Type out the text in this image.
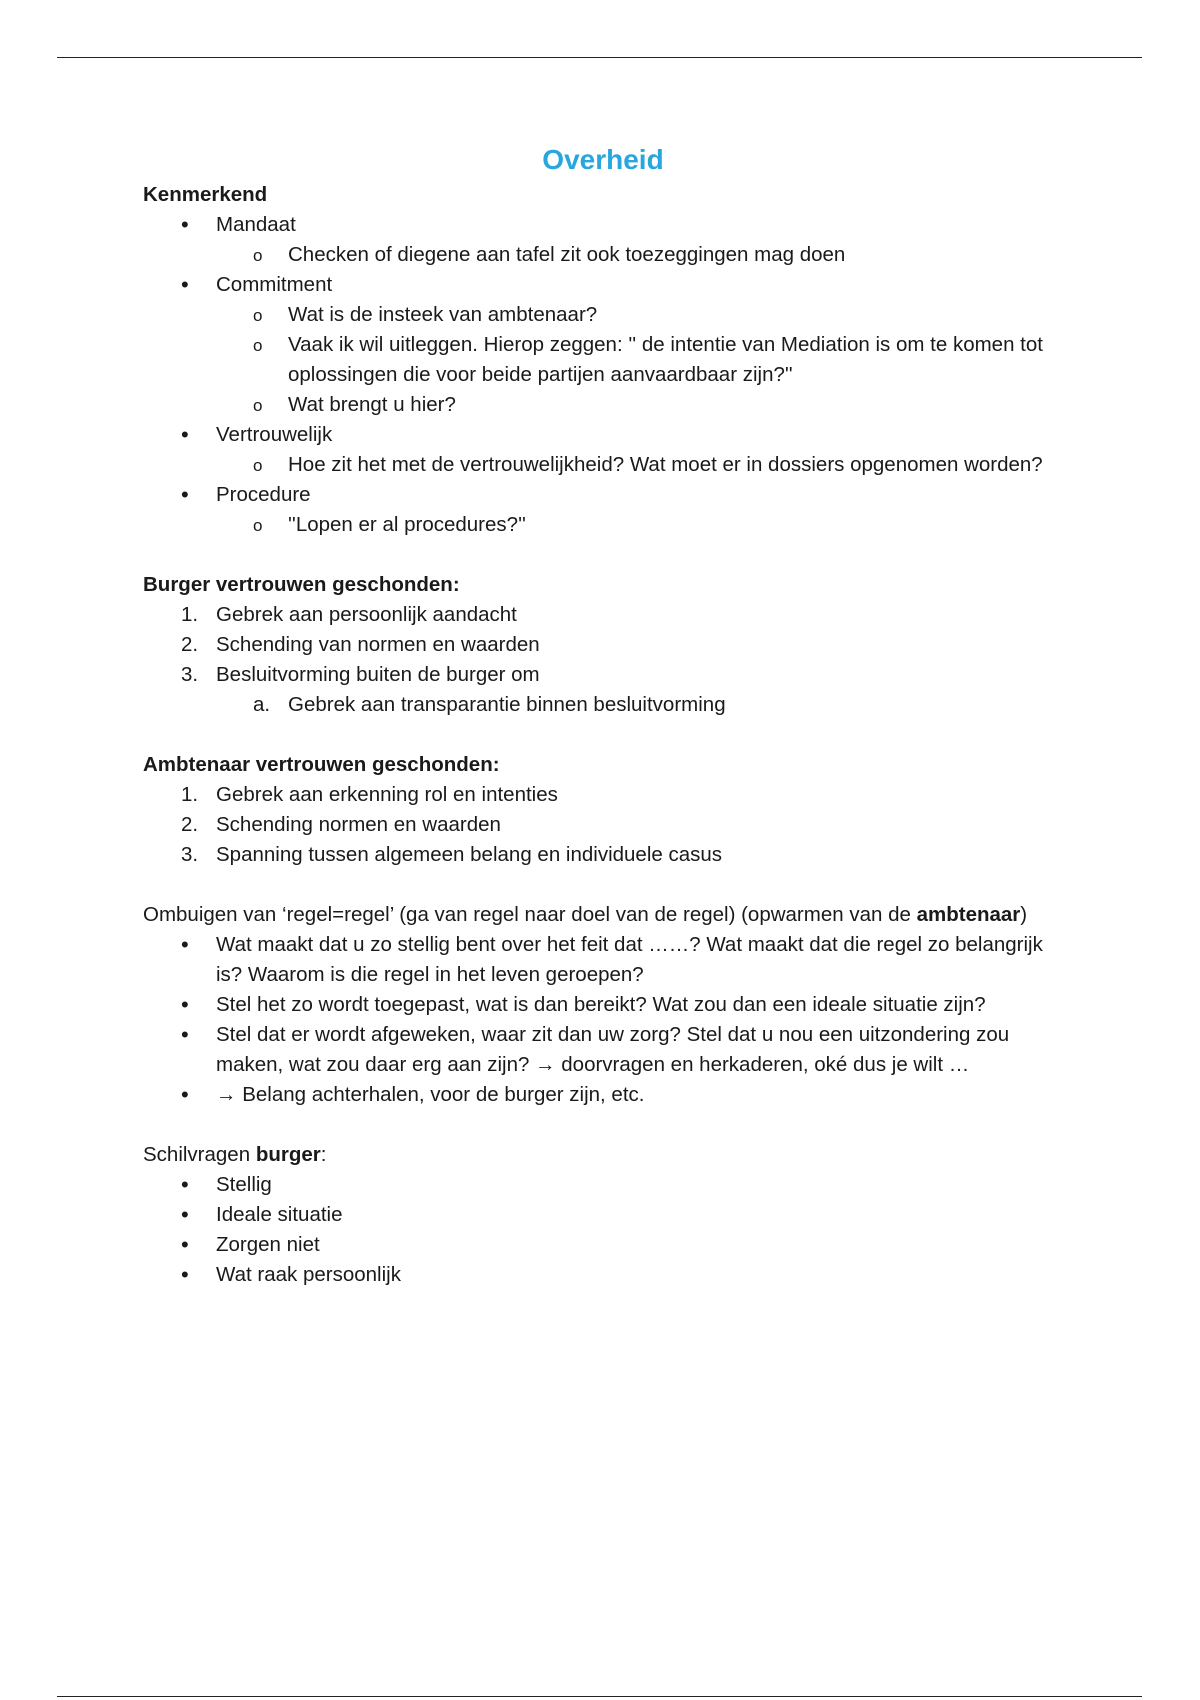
Overheid

Kenmerkend

•
Mandaat
o
Checken of diegene aan tafel zit ook toezeggingen mag doen
•
Commitment
o
Wat is de insteek van ambtenaar?
o
Vaak ik wil uitleggen. Hierop zeggen: '' de intentie van Mediation is om te komen tot oplossingen die voor beide partijen aanvaardbaar zijn?''
o
Wat brengt u hier?
•
Vertrouwelijk
o
Hoe zit het met de vertrouwelijkheid? Wat moet er in dossiers opgenomen worden?
•
Procedure
o
''Lopen er al procedures?''

Burger vertrouwen geschonden:

1. Gebrek aan persoonlijk aandacht
2. Schending van normen en waarden
3. Besluitvorming buiten de burger om
a. Gebrek aan transparantie binnen besluitvorming

Ambtenaar vertrouwen geschonden:

1. Gebrek aan erkenning rol en intenties
2. Schending normen en waarden
3. Spanning tussen algemeen belang en individuele casus

Ombuigen van ‘regel=regel’ (ga van regel naar doel van de regel) (opwarmen van de ambtenaar)

•
Wat maakt dat u zo stellig bent over het feit dat ……? Wat maakt dat die regel zo belangrijk is? Waarom is die regel in het leven geroepen?
•
Stel het zo wordt toegepast, wat is dan bereikt? Wat zou dan een ideale situatie zijn?
•
Stel dat er wordt afgeweken, waar zit dan uw zorg? Stel dat u nou een uitzondering zou maken, wat zou daar erg aan zijn? → doorvragen en herkaderen, oké dus je wilt …
•
→ Belang achterhalen, voor de burger zijn, etc.

Schilvragen burger:

•
Stellig
•
Ideale situatie
•
Zorgen niet
•
Wat raak persoonlijk
